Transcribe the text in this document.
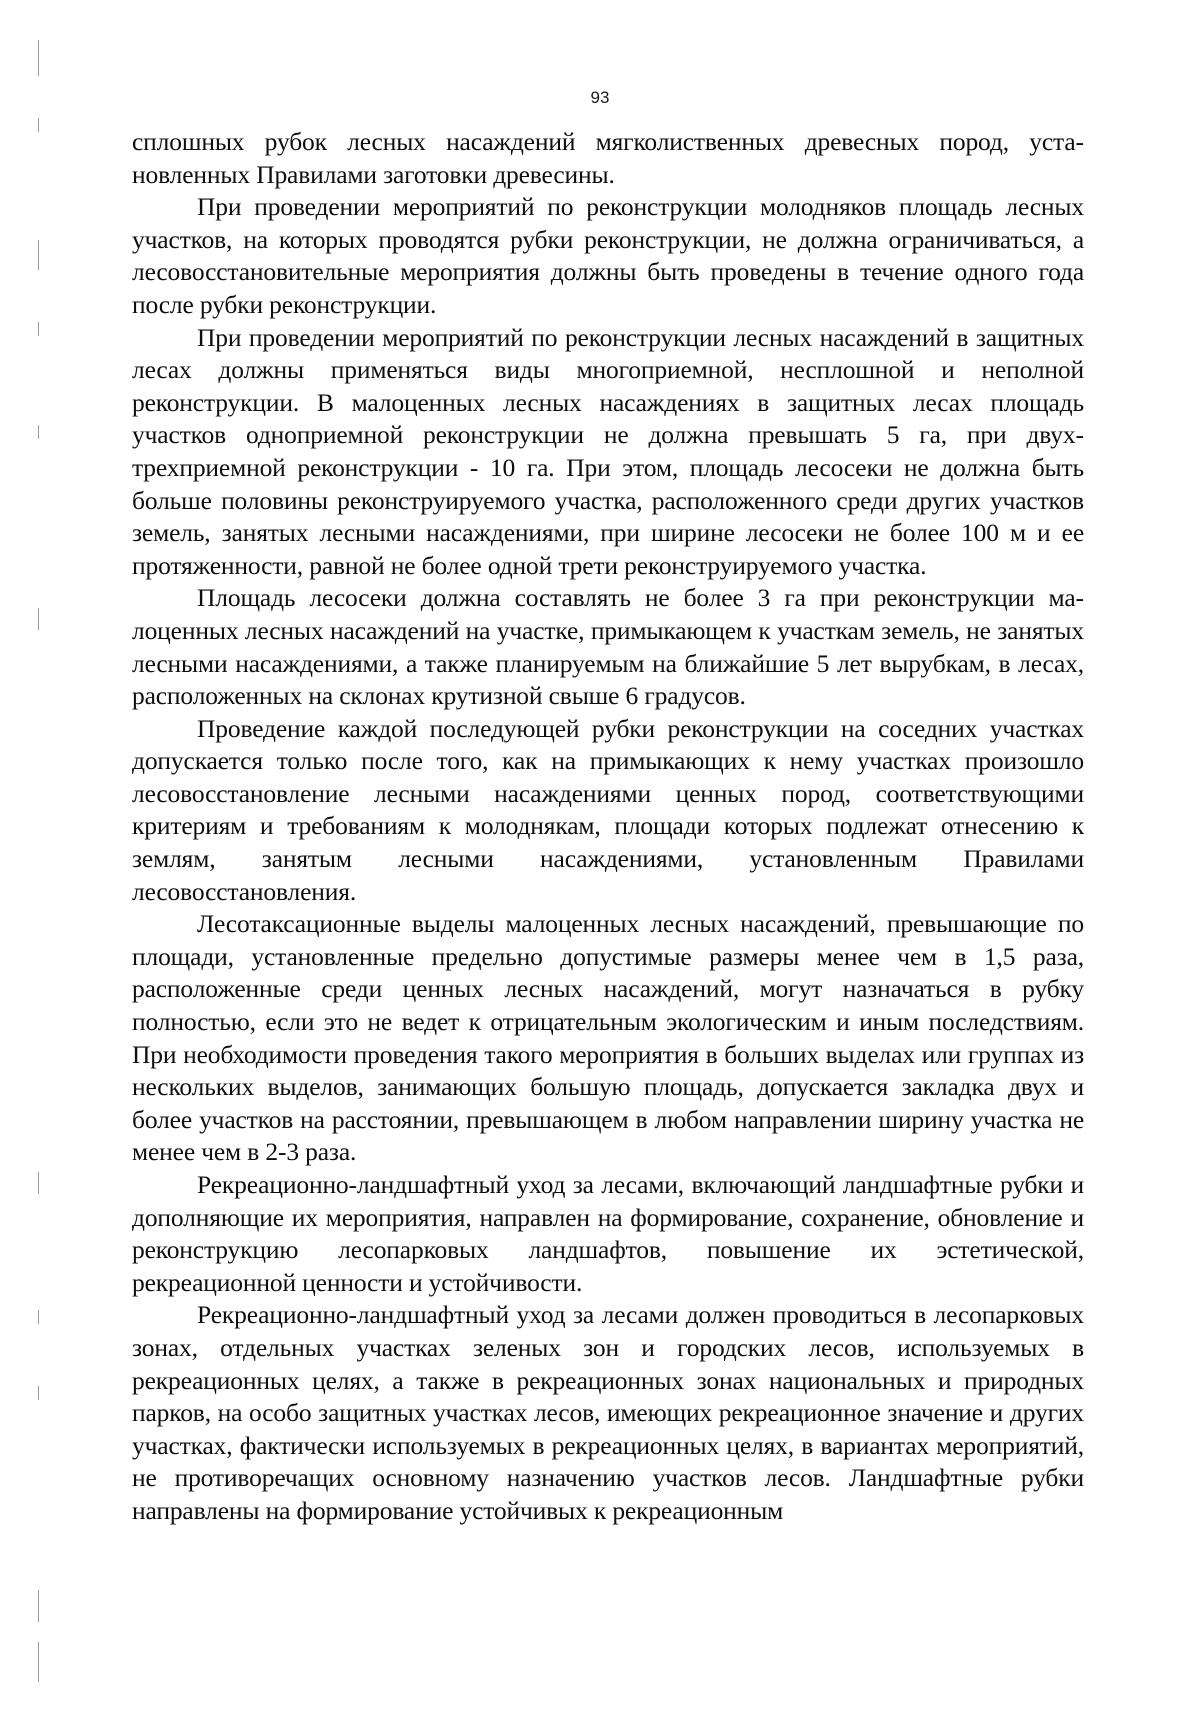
93

сплошных рубок лесных насаждений мягколиственных древесных пород, установленных Правилами заготовки древесины.

При проведении мероприятий по реконструкции молодняков площадь лесных участков, на которых проводятся рубки реконструкции, не должна ограничиваться, а лесовосстановительные мероприятия должны быть проведены в течение одного года после рубки реконструкции.

При проведении мероприятий по реконструкции лесных насаждений в защитных лесах должны применяться виды многоприемной, несплошной и неполной реконструкции. В малоценных лесных насаждениях в защитных лесах площадь участков одноприемной реконструкции не должна превышать 5 га, при двухтрехприемной реконструкции - 10 га. При этом, площадь лесосеки не должна быть больше половины реконструируемого участка, расположенного среди других участков земель, занятых лесными насаждениями, при ширине лесосеки не более 100 м и ее протяженности, равной не более одной трети реконструируемого участка.

Площадь лесосеки должна составлять не более 3 га при реконструкции малоценных лесных насаждений на участке, примыкающем к участкам земель, не занятых лесными насаждениями, а также планируемым на ближайшие 5 лет вырубкам, в лесах, расположенных на склонах крутизной свыше 6 градусов.

Проведение каждой последующей рубки реконструкции на соседних участках допускается только после того, как на примыкающих к нему участках произошло лесовосстановление лесными насаждениями ценных пород, соответствующими критериям и требованиям к молоднякам, площади которых подлежат отнесению к землям, занятым лесными насаждениями, установленным Правилами лесовосстановления.

Лесотаксационные выделы малоценных лесных насаждений, превышающие по площади, установленные предельно допустимые размеры менее чем в 1,5 раза, расположенные среди ценных лесных насаждений, могут назначаться в рубку полностью, если это не ведет к отрицательным экологическим и иным последствиям. При необходимости проведения такого мероприятия в больших выделах или группах из нескольких выделов, занимающих большую площадь, допускается закладка двух и более участков на расстоянии, превышающем в любом направлении ширину участка не менее чем в 2-3 раза.

Рекреационно-ландшафтный уход за лесами, включающий ландшафтные рубки и дополняющие их мероприятия, направлен на формирование, сохранение, обновление и реконструкцию лесопарковых ландшафтов, повышение их эстетической, рекреационной ценности и устойчивости.

Рекреационно-ландшафтный уход за лесами должен проводиться в лесопарковых зонах, отдельных участках зеленых зон и городских лесов, используемых в рекреационных целях, а также в рекреационных зонах национальных и природных парков, на особо защитных участках лесов, имеющих рекреационное значение и других участках, фактически используемых в рекреационных целях, в вариантах мероприятий, не противоречащих основному назначению участков лесов. Ландшафтные рубки направлены на формирование устойчивых к рекреационным
